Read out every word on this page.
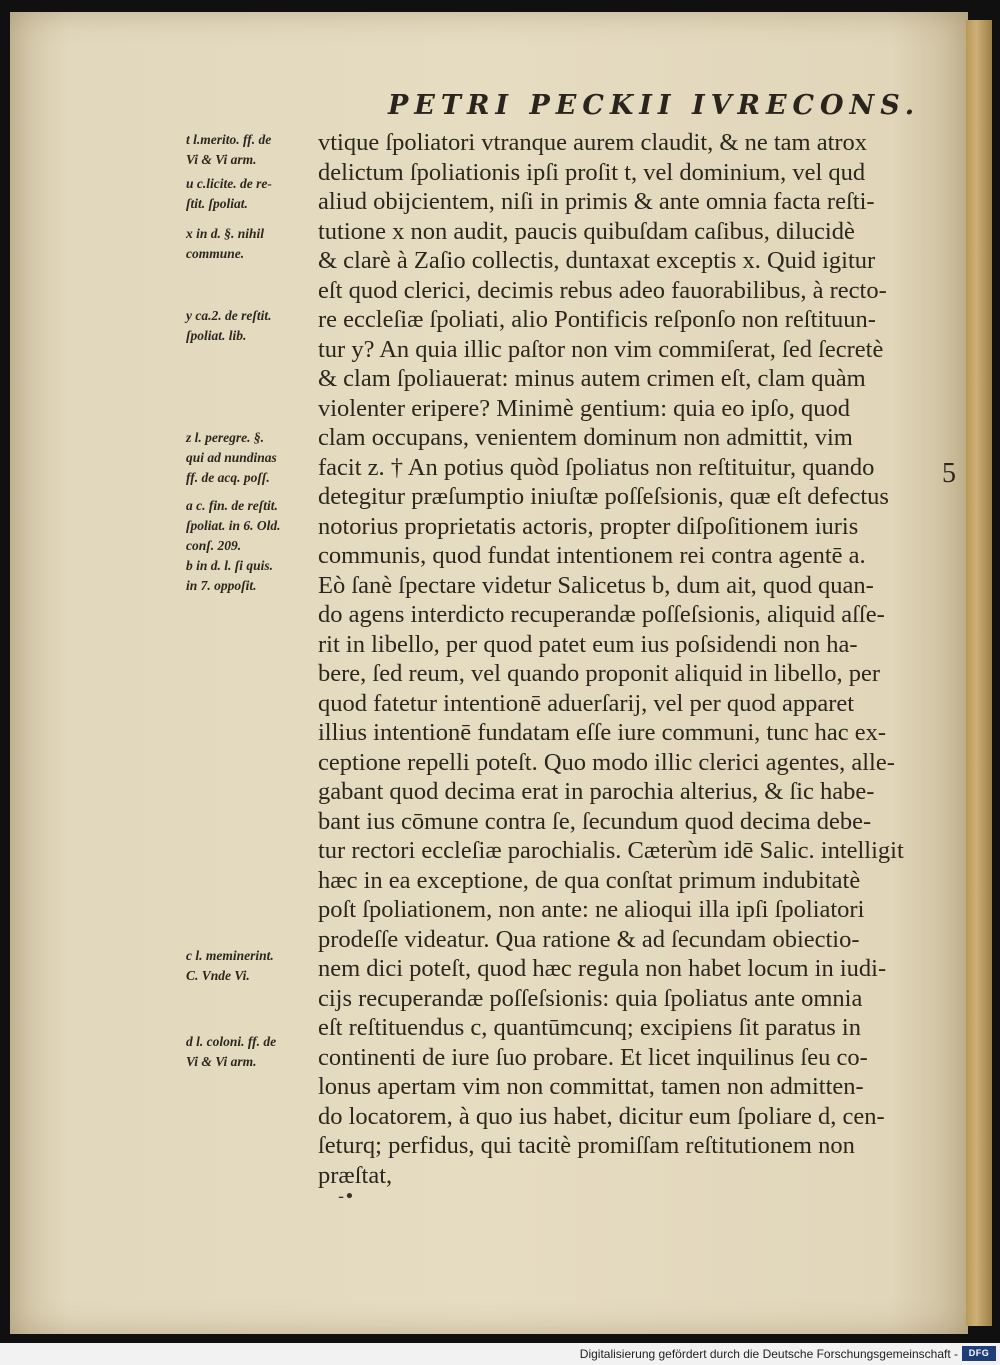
PETRI PECKII IVRECONS.
vtique ſpoliatori vtranque aurem claudit, & ne tam atrox
delictum ſpoliationis ipſi proſit t, vel dominium, vel qud
aliud obijcientem, niſi in primis & ante omnia facta reſti-
tutione x non audit, paucis quibuſdam caſibus, dilucidè
& clarè à Zaſio collectis, duntaxat exceptis x. Quid igitur
eſt quod clerici, decimis rebus adeo fauorabilibus, à recto-
re eccleſiæ ſpoliati, alio Pontificis reſponſo non reſtituun-
tur y? An quia illic paſtor non vim commiſerat, ſed ſecretè
& clam ſpoliauerat: minus autem crimen eſt, clam quàm
violenter eripere? Minimè gentium: quia eo ipſo, quod
clam occupans, venientem dominum non admittit, vim
facit z. † An potius quòd ſpoliatus non reſtituitur, quando
detegitur præſumptio iniuſtæ poſſeſsionis, quæ eſt defectus
notorius proprietatis actoris, propter diſpoſitionem iuris
communis, quod fundat intentionem rei contra agentē a.
Eò ſanè ſpectare videtur Salicetus b, dum ait, quod quan-
do agens interdicto recuperandæ poſſeſsionis, aliquid aſſe-
rit in libello, per quod patet eum ius poſsidendi non ha-
bere, ſed reum, vel quando proponit aliquid in libello, per
quod fatetur intentionē aduerſarij, vel per quod apparet
illius intentionē fundatam eſſe iure communi, tunc hac ex-
ceptione repelli poteſt. Quo modo illic clerici agentes, alle-
gabant quod decima erat in parochia alterius, & ſic habe-
bant ius cōmune contra ſe, ſecundum quod decima debe-
tur rectori eccleſiæ parochialis. Cæterùm idē Salic. intelligit
hæc in ea exceptione, de qua conſtat primum indubitatè
poſt ſpoliationem, non ante: ne alioqui illa ipſi ſpoliatori
prodeſſe videatur. Qua ratione & ad ſecundam obiectio-
nem dici poteſt, quod hæc regula non habet locum in iudi-
cijs recuperandæ poſſeſsionis: quia ſpoliatus ante omnia
eſt reſtituendus c, quantūmcunq; excipiens ſit paratus in
continenti de iure ſuo probare. Et licet inquilinus ſeu co-
lonus apertam vim non committat, tamen non admitten-
do locatorem, à quo ius habet, dicitur eum ſpoliare d, cen-
ſeturq; perfidus, qui tacitè promiſſam reſtitutionem non
præſtat,
t l.merito. ff. de
Vi & Vi arm.
u c.licite. de re-
ſtit. ſpoliat.
x in d. §. nihil
commune.
y ca.2. de reſtit.
ſpoliat. lib.
z l. peregre. §.
qui ad nundinas
ff. de acq. poſſ.
a c. fin. de reſtit.
ſpoliat. in 6. Old.
conſ. 209.
b in d. l. ſi quis.
in 7. oppoſit.
c l. meminerint.
C. Vnde Vi.
d l. coloni. ff. de
Vi & Vi arm.
5
-•
Digitalisierung gefördert durch die Deutsche Forschungsgemeinschaft -	DFG
